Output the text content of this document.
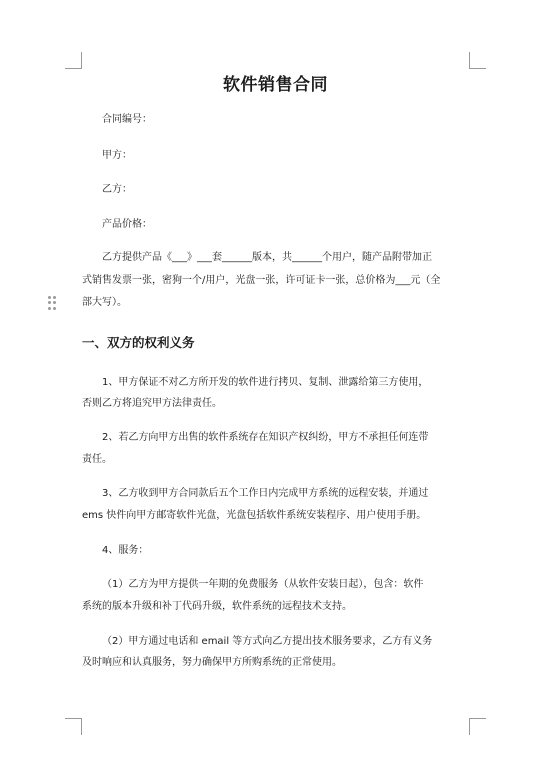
软件销售合同
合同编号：
甲方：
乙方：
产品价格：
乙方提供产品《___》___套______版本，共______个用户，随产品附带加正
式销售发票一张，密狗一个/用户，光盘一张，许可证卡一张，总价格为___元（全
部大写）。
一、双方的权利义务
1、甲方保证不对乙方所开发的软件进行拷贝、复制、泄露给第三方使用，
否则乙方将追究甲方法律责任。
2、若乙方向甲方出售的软件系统存在知识产权纠纷，甲方不承担任何连带
责任。
3、乙方收到甲方合同款后五个工作日内完成甲方系统的远程安装，并通过
ems 快件向甲方邮寄软件光盘，光盘包括软件系统安装程序、用户使用手册。
4、服务：
（1）乙方为甲方提供一年期的免费服务（从软件安装日起），包含：软件
系统的版本升级和补丁代码升级，软件系统的远程技术支持。
（2）甲方通过电话和 email 等方式向乙方提出技术服务要求，乙方有义务
及时响应和认真服务，努力确保甲方所购系统的正常使用。
